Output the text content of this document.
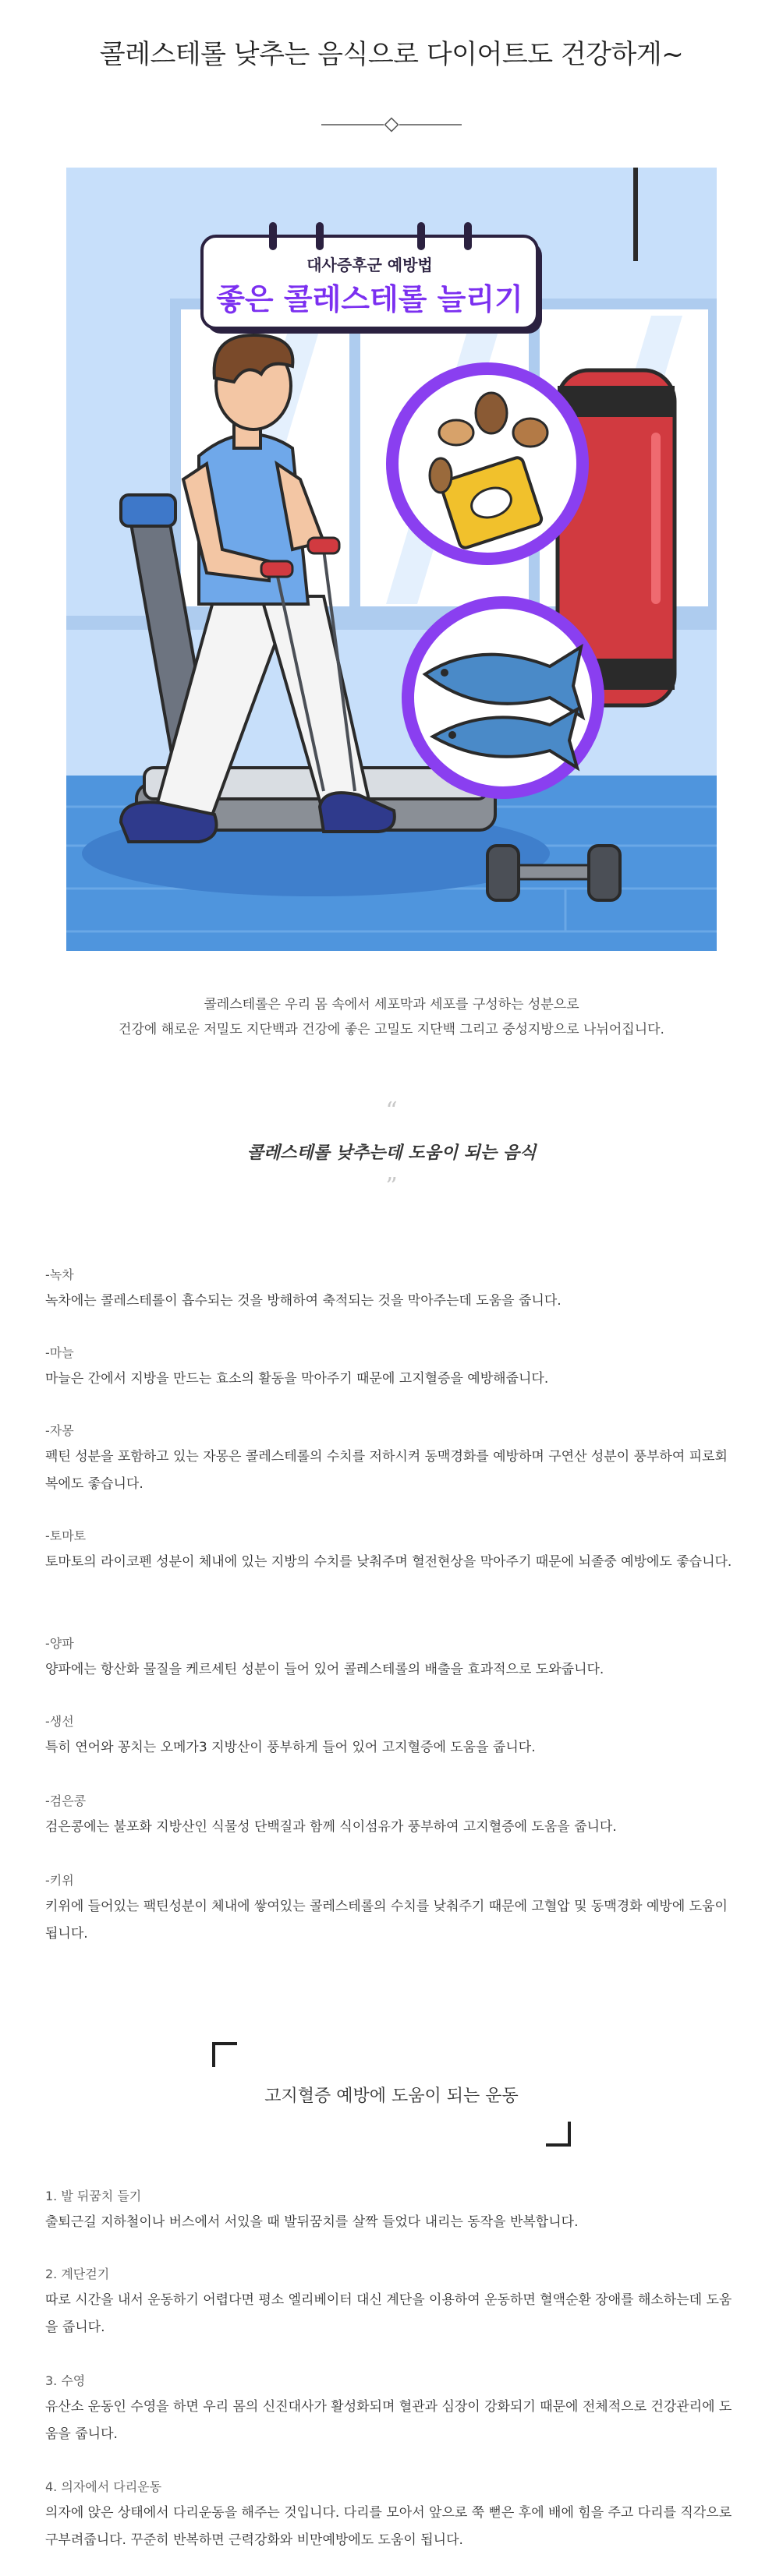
콜레스테롤 낮추는 음식으로 다이어트도 건강하게~
대사증후군 예방법
좋은 콜레스테롤 늘리기

콜레스테롤은 우리 몸 속에서 세포막과 세포를 구성하는 성분으로

건강에 해로운 저밀도 지단백과 건강에 좋은 고밀도 지단백 그리고 중성지방으로 나뉘어집니다.

“
콜레스테롤 낮추는데 도움이 되는 음식
”
-녹차
녹차에는 콜레스테롤이 흡수되는 것을 방해하여 축적되는 것을 막아주는데 도움을 줍니다.
-마늘
마늘은 간에서 지방을 만드는 효소의 활동을 막아주기 때문에 고지혈증을 예방해줍니다.
-자몽
펙틴 성분을 포함하고 있는 자몽은 콜레스테롤의 수치를 저하시켜 동맥경화를 예방하며 구연산 성분이 풍부하여 피로회복에도 좋습니다.
-토마토
토마토의 라이코펜 성분이 체내에 있는 지방의 수치를 낮춰주며 혈전현상을 막아주기 때문에 뇌졸중 예방에도 좋습니다.
-양파
양파에는 항산화 물질을 케르세틴 성분이 들어 있어 콜레스테롤의 배출을 효과적으로 도와줍니다.
-생선
특히 연어와 꽁치는 오메가3 지방산이 풍부하게 들어 있어 고지혈증에 도움을 줍니다.
-검은콩
검은콩에는 불포화 지방산인 식물성 단백질과 함께 식이섬유가 풍부하여 고지혈증에 도움을 줍니다.
-키위
키위에 들어있는 팩틴성분이 체내에 쌓여있는 콜레스테롤의 수치를 낮춰주기 때문에 고혈압 및 동맥경화 예방에 도움이 됩니다.
고지혈증 예방에 도움이 되는 운동
1. 발 뒤꿈치 들기
출퇴근길 지하철이나 버스에서 서있을 때 발뒤꿈치를 살짝 들었다 내리는 동작을 반복합니다.
2. 계단걷기
따로 시간을 내서 운동하기 어렵다면 평소 엘리베이터 대신 계단을 이용하여 운동하면 혈액순환 장애를 해소하는데 도움을 줍니다.
3. 수영
유산소 운동인 수영을 하면 우리 몸의 신진대사가 활성화되며 혈관과 심장이 강화되기 때문에 전체적으로 건강관리에 도움을 줍니다.
4. 의자에서 다리운동
의자에 앉은 상태에서 다리운동을 해주는 것입니다. 다리를 모아서 앞으로 쭉 뻗은 후에 배에 힘을 주고 다리를 직각으로 구부려줍니다. 꾸준히 반복하면 근력강화와 비만예방에도 도움이 됩니다.
